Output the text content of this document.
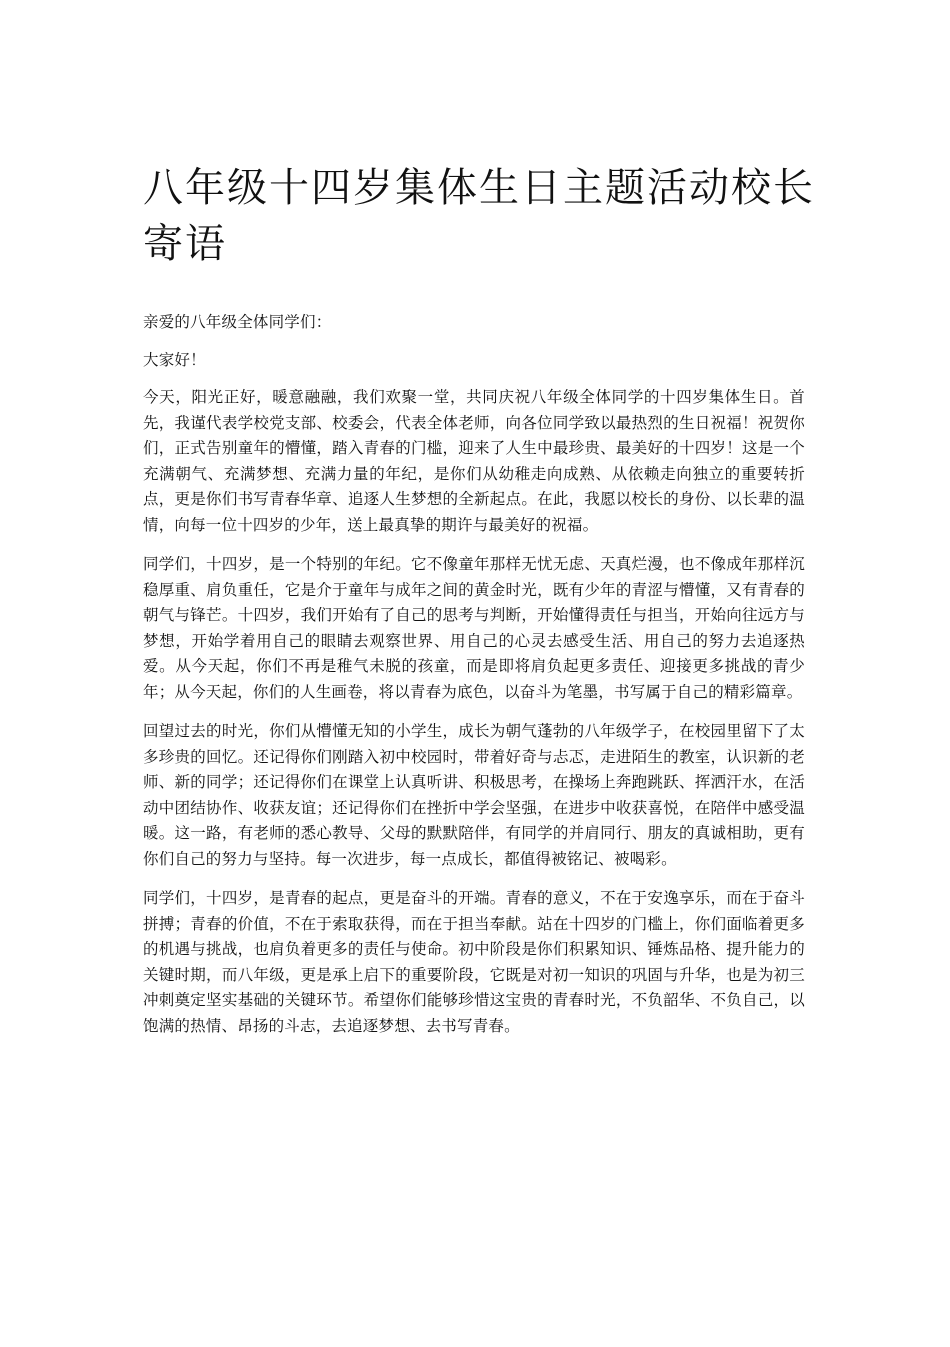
八年级十四岁集体生日主题活动校长寄语

亲爱的八年级全体同学们：

大家好！

今天，阳光正好，暖意融融，我们欢聚一堂，共同庆祝八年级全体同学的十四岁集体生日。首先，我谨代表学校党支部、校委会，代表全体老师，向各位同学致以最热烈的生日祝福！祝贺你们，正式告别童年的懵懂，踏入青春的门槛，迎来了人生中最珍贵、最美好的十四岁！这是一个充满朝气、充满梦想、充满力量的年纪，是你们从幼稚走向成熟、从依赖走向独立的重要转折点，更是你们书写青春华章、追逐人生梦想的全新起点。在此，我愿以校长的身份、以长辈的温情，向每一位十四岁的少年，送上最真挚的期许与最美好的祝福。

同学们，十四岁，是一个特别的年纪。它不像童年那样无忧无虑、天真烂漫，也不像成年那样沉稳厚重、肩负重任，它是介于童年与成年之间的黄金时光，既有少年的青涩与懵懂，又有青春的朝气与锋芒。十四岁，我们开始有了自己的思考与判断，开始懂得责任与担当，开始向往远方与梦想，开始学着用自己的眼睛去观察世界、用自己的心灵去感受生活、用自己的努力去追逐热爱。从今天起，你们不再是稚气未脱的孩童，而是即将肩负起更多责任、迎接更多挑战的青少年；从今天起，你们的人生画卷，将以青春为底色，以奋斗为笔墨，书写属于自己的精彩篇章。

回望过去的时光，你们从懵懂无知的小学生，成长为朝气蓬勃的八年级学子，在校园里留下了太多珍贵的回忆。还记得你们刚踏入初中校园时，带着好奇与忐忑，走进陌生的教室，认识新的老师、新的同学；还记得你们在课堂上认真听讲、积极思考，在操场上奔跑跳跃、挥洒汗水，在活动中团结协作、收获友谊；还记得你们在挫折中学会坚强，在进步中收获喜悦，在陪伴中感受温暖。这一路，有老师的悉心教导、父母的默默陪伴，有同学的并肩同行、朋友的真诚相助，更有你们自己的努力与坚持。每一次进步，每一点成长，都值得被铭记、被喝彩。

同学们，十四岁，是青春的起点，更是奋斗的开端。青春的意义，不在于安逸享乐，而在于奋斗拼搏；青春的价值，不在于索取获得，而在于担当奉献。站在十四岁的门槛上，你们面临着更多的机遇与挑战，也肩负着更多的责任与使命。初中阶段是你们积累知识、锤炼品格、提升能力的关键时期，而八年级，更是承上启下的重要阶段，它既是对初一知识的巩固与升华，也是为初三冲刺奠定坚实基础的关键环节。希望你们能够珍惜这宝贵的青春时光，不负韶华、不负自己，以饱满的热情、昂扬的斗志，去追逐梦想、去书写青春。
